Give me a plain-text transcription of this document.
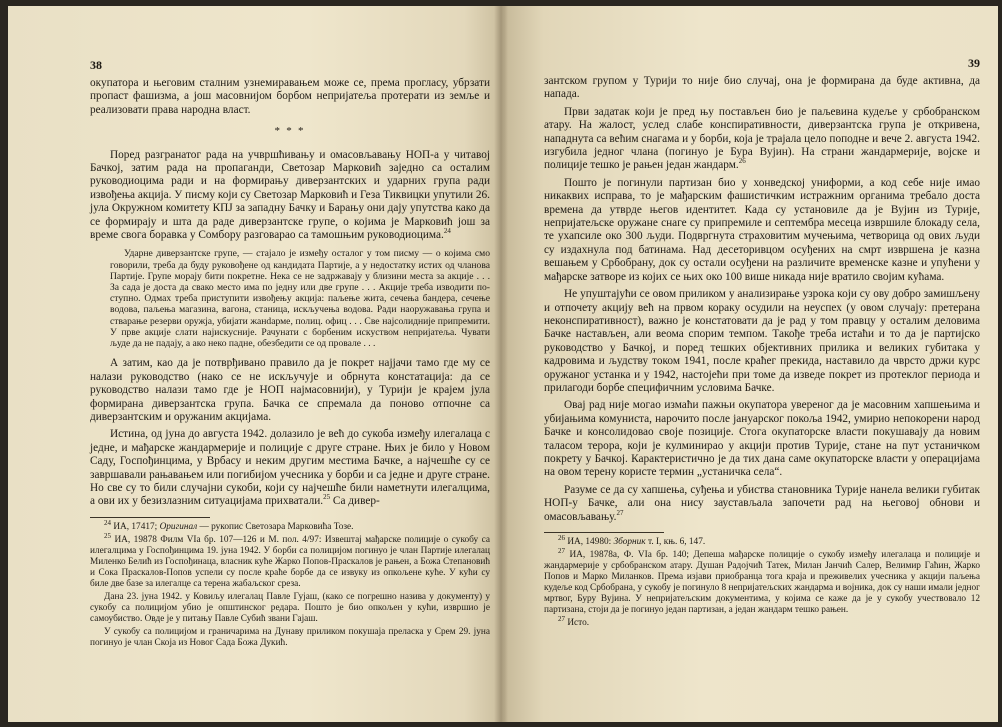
38

окупатора и његовим сталним узнемиравањем може се, према прогласу, убрзати пропаст фашизма, а још масовнијом борбом непријатеља протерати из земље и реализовати права народна власт.

* * *

Поред разгранатог рада на учвршћивању и омасовљавању НОП-а у читавој Бачкој, затим рада на пропаганди, Светозар Марковић заједно са осталим руководиоцима ради и на формирању диверзантских и ударних група ради извођења акција. У писму који су Светозар Марковић и Геза Тиквицки упутили 26. јула Окружном комитету КПЈ за западну Бачку и Барању они дају упутства како да се формирају и шта да раде диверзантске групе, о којима је Марковић још за време свога боравка у Сомбору разговарао са тамошњим руководиоцима.$^{24}$

Ударне диверзантске групе, — стајало је између осталог у том писму — о којима смо говорили, треба да буду руковођене од кандидата Партије, а у недостатку истих од чланова Партије. Групе морају бити покретне. Нека се не задржавају у близини места за акције . . . За сада је доста да свако место има по једну или две групе . . . Акције треба изводити поступно. Одмах треба приступити извођењу акција: паљење жита, сечења бандера, сечење водова, паљења магазина, вагона, станица, искључења водова. Ради наоружавања група и стварање резерви оружја, убијати жанdарме, полиц. офиц . . . Све најсолидније припремити. У прве акције слати најискусније. Рачунати с борбеним искуством непријатеља. Чувати људе да не падају, а ако неко падне, обезбедити се од провале . . .

А затим, као да је потврђивано правило да је покрет најјачи тамо где му се налази руководство (нако се не искључује и обрнута констатација: да се руководство налази тамо где је НОП најмасовнији), у Турији је крајем јула формирана диверзантска група. Бачка се спремала да поново отпочне са диверзантским и оружаним акцијама.

Истина, од јуна до августа 1942. долазило је већ до сукоба између илегалаца с једне, и мађарске жандармерије и полиције с друге стране. Њих је било у Новом Саду, Госпођинцима, у Врбасу и неким другим местима Бачке, а најчешће су се завршавали рањавањем или погибијом учесника у борби и са једне и друге стране. Но све су то били случајни сукоби, који су најчешће били наметнути илегалцима, а ови их у безизлазним ситуацијама прихватали.$^{25}$ Са дивер-

$^{24}$ ИА, 17417; Оригинал — рукопис Светозара Марковића Тозе.

$^{25}$ ИА, 19878 Филм VIa бр. 107—126 и М. пол. 4/97: Извештај мађарске полиције о сукобу са илегалцима у Госпођинцима 19. јуна 1942. У борби са полицијом погинуо је члан Партије илегалац Миленко Белић из Госпођинаца, власник куће Жарко Попов-Праскалов је рањен, а Божа Степановић и Сока Праскалов-Попов успели су после краће борбе да се извуку из опкољене куће. У кући су биле две базе за илегалце са терена жабаљског среза.

Дана 23. јуна 1942. у Ковиљу илегалац Павле Гујаш, (како се погрешно назива у документу) у сукобу са полицијом убио је општинског редара. Пошто је био опкољен у кући, извршио је самоубиство. Овде је у питању Павле Субић звани Гајаш.

У сукобу са полицијом и граничарима на Дунаву приликом покушаја преласка у Срем 29. јуна погинуо је члан Скоја из Новог Сада Божа Дукић.

39

зантском групом у Турији то није био случај, она је формирана да буде активна, да напада.

Први задатак који је пред њу постављен био је паљевина кудеље у србобранском атару. На жалост, услед слабе конспиративности, диверзантска група је откривена, нападнута са већим снагама и у борби, која је трајала цело поподне и вече 2. августа 1942. изгубила једног члана (погинуо је Бура Вујин). На страни жандармерије, војске и полиције тешко је рањен један жандарм.$^{26}$

Пошто је погинули партизан био у хонведској униформи, а код себе није имао никаквих исправа, то је мађарским фашистичким истражним органима требало доста времена да утврде његов идентитет. Када су установиле да је Вујин из Турије, непријатељске оружане снаге су припремиле и септембра месеца извршиле блокаду села, те ухапсиле око 300 људи. Подвргнута страховитим мучењима, четворица од ових људи су издахнула под батинама. Над десеторивцом осуђених на смрт извршена је казна вешањем у Србобрану, док су остали осуђени на различите временске казне и упућени у мађарске затворе из којих се њих око 100 више никада није вратило својим кућама.

Не упуштајући се овом приликом у анализирање узрока који су ову добро замишљену и отпочету акцију већ на првом кораку осудили на неуспех (у овом случају: претерана неконспиративност), важно је констатовати да је рад у том правцу у осталим деловима Бачке настављен, али веома спорим темпом. Такође треба истаћи и то да је партијско руководство у Бачкој, и поред тешких објективних прилика и великих губитака у кадровима и људству током 1941, после краћег прекида, наставило да чврсто држи курс оружаног устанка и у 1942, настојећи при томе да изведе покрет из протеклог периода и прилагоди борбе специфичним условима Бачке.

Овај рад није могао измаћи пажњи окупатора увереног да је масовним хапшењима и убијањима комуниста, нарочито после јануарског покоља 1942, умирио непокорени народ Бачке и консолидовао своје позиције. Стога окупаторске власти покушавају да новим таласом терора, који је кулминирао у акцији против Турије, стане на пут устаничком покрету у Бачкој. Карактеристично је да тих дана саме окупаторске власти у операцијама на овом терену користе термин „устаничка села“.

Разуме се да су хапшења, суђења и убиства становника Турије нанела велики губитак НОП-у Бачке, али она нису заустављала започети рад на његовој обнови и омасовљавању.$^{27}$

$^{26}$ ИА, 14980: Зборник т. I, књ. 6, 147.

$^{27}$ ИА, 19878a, Ф. VIa бр. 140; Депеша мађарске полиције о сукобу између илегалаца и полиције и жандармерије у србобранском атару. Душан Радојчић Татек, Милан Јанчић Салер, Велимир Гаћин, Жарко Попов и Марко Миланков. Према изјави приобранца тога краја и преживелих учесника у акцији паљења кудеље код Србобрана, у сукобу је погинуло 8 непријатељских жандарма и војника, док су наши имали једног мртвог, Буру Вујина. У непријатељским документима, у којима се каже да је у сукобу учествовало 12 партизана, стоји да је погинуо један партизан, а један жандарм тешко рањен.

$^{27}$ Исто.
